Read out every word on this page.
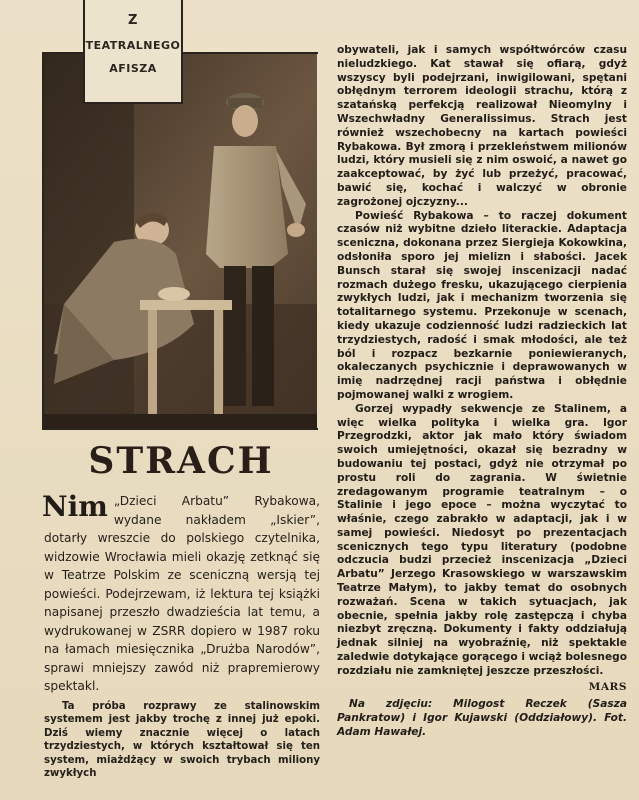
Z
TEATRALNEGO
AFISZA
STRACH
Nim „Dzieci Arbatu” Rybakowa, wydane nakładem „Iskier”, dotarły wreszcie do polskiego czytelnika, widzowie Wrocławia mieli okazję zetknąć się w Teatrze Polskim ze sceniczną wersją tej powieści. Podejrzewam, iż lektura tej książki napisanej przeszło dwadzieścia lat temu, a wydrukowanej w ZSRR dopiero w 1987 roku na łamach miesięcznika „Drużba Narodów”, sprawi mniejszy zawód niż prapremierowy spektakl.
Ta próba rozprawy ze stalinowskim systemem jest jakby trochę z innej już epoki. Dziś wiemy znacznie więcej o latach trzydziestych, w których kształtował się ten system, miażdżący w swoich trybach miliony zwykłych

obywateli, jak i samych współtwórców czasu nieludzkiego. Kat stawał się ofiarą, gdyż wszyscy byli podejrzani, inwigilowani, spętani obłędnym terrorem ideologii strachu, którą z szatańską perfekcją realizował Nieomylny i Wszechwładny Generalissimus. Strach jest również wszechobecny na kartach powieści Rybakowa. Był zmorą i przekleństwem milionów ludzi, który musieli się z nim oswoić, a nawet go zaakceptować, by żyć lub przeżyć, pracować, bawić się, kochać i walczyć w obronie zagrożonej ojczyzny...

Powieść Rybakowa – to raczej dokument czasów niż wybitne dzieło literackie. Adaptacja sceniczna, dokonana przez Siergieja Kokowkina, odsłoniła sporo jej mielizn i słabości. Jacek Bunsch starał się swojej inscenizacji nadać rozmach dużego fresku, ukazującego cierpienia zwykłych ludzi, jak i mechanizm tworzenia się totalitarnego systemu. Przekonuje w scenach, kiedy ukazuje codzienność ludzi radzieckich lat trzydziestych, radość i smak młodości, ale też ból i rozpacz bezkarnie poniewieranych, okaleczanych psychicznie i deprawowanych w imię nadrzędnej racji państwa i obłędnie pojmowanej walki z wrogiem.

Gorzej wypadły sekwencje ze Stalinem, a więc wielka polityka i wielka gra. Igor Przegrodzki, aktor jak mało który świadom swoich umiejętności, okazał się bezradny w budowaniu tej postaci, gdyż nie otrzymał po prostu roli do zagrania. W świetnie zredagowanym programie teatralnym – o Stalinie i jego epoce – można wyczytać to właśnie, czego zabrakło w adaptacji, jak i w samej powieści. Niedosyt po prezentacjach scenicznych tego typu literatury (podobne odczucia budzi przecież inscenizacja „Dzieci Arbatu” Jerzego Krasowskiego w warszawskim Teatrze Małym), to jakby temat do osobnych rozważań. Scena w takich sytuacjach, jak obecnie, spełnia jakby rolę zastępczą i chyba niezbyt zręczną. Dokumenty i fakty oddziałują jednak silniej na wyobraźnię, niż spektakle zaledwie dotykające gorącego i wciąż bolesnego rozdziału nie zamkniętej jeszcze przeszłości.

MARS

Na zdjęciu: Milogost Reczek (Sasza Pankratow) i Igor Kujawski (Oddziałowy). Fot. Adam Hawałej.
